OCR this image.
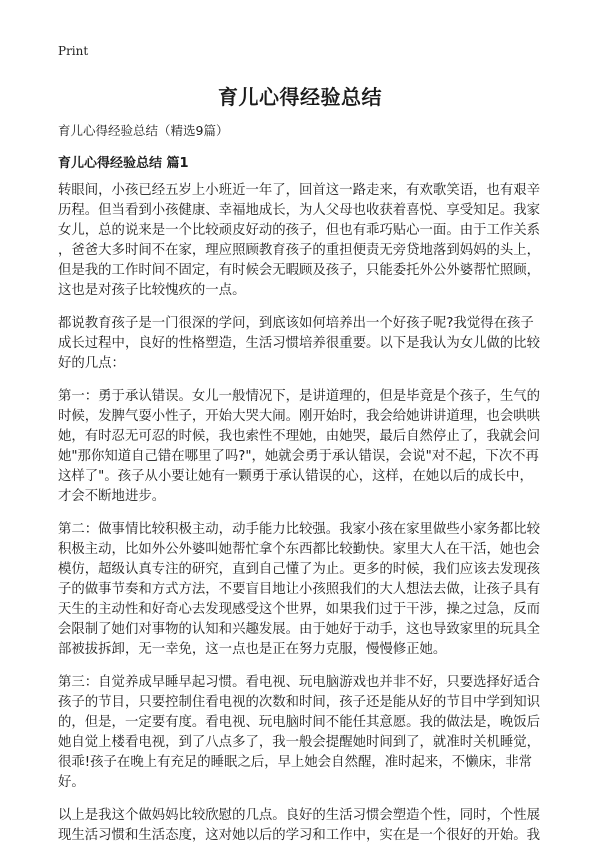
Print
育儿心得经验总结

育儿心得经验总结（精选9篇）

育儿心得经验总结 篇1

转眼间，小孩已经五岁上小班近一年了，回首这一路走来，有欢歌笑语，也有艰辛
历程。但当看到小孩健康、幸福地成长，为人父母也收获着喜悦、享受知足。我家
女儿，总的说来是一个比较顽皮好动的孩子，但也有乖巧贴心一面。由于工作关系
，爸爸大多时间不在家，理应照顾教育孩子的重担便责无旁贷地落到妈妈的头上，
但是我的工作时间不固定，有时候会无暇顾及孩子，只能委托外公外婆帮忙照顾，
这也是对孩子比较愧疚的一点。

都说教育孩子是一门很深的学问，到底该如何培养出一个好孩子呢?我觉得在孩子
成长过程中，良好的性格塑造，生活习惯培养很重要。以下是我认为女儿做的比较
好的几点：

第一：勇于承认错误。女儿一般情况下，是讲道理的，但是毕竟是个孩子，生气的
时候，发脾气耍小性子，开始大哭大闹。刚开始时，我会给她讲讲道理，也会哄哄
她，有时忍无可忍的时候，我也索性不理她，由她哭，最后自然停止了，我就会问
她"那你知道自己错在哪里了吗?"，她就会勇于承认错误，会说"对不起，下次不再
这样了"。孩子从小要让她有一颗勇于承认错误的心，这样，在她以后的成长中，
才会不断地进步。

第二：做事情比较积极主动，动手能力比较强。我家小孩在家里做些小家务都比较
积极主动，比如外公外婆叫她帮忙拿个东西都比较勤快。家里大人在干活，她也会
模仿，超级认真专注的研究，直到自己懂了为止。更多的时候，我们应该去发现孩
子的做事节奏和方式方法，不要盲目地让小孩照我们的大人想法去做，让孩子具有
天生的主动性和好奇心去发现感受这个世界，如果我们过于干涉，操之过急，反而
会限制了她们对事物的认知和兴趣发展。由于她好于动手，这也导致家里的玩具全
部被拔拆卸，无一幸免，这一点也是正在努力克服，慢慢修正她。

第三：自觉养成早睡早起习惯。看电视、玩电脑游戏也并非不好，只要选择好适合
孩子的节目，只要控制住看电视的次数和时间，孩子还是能从好的节目中学到知识
的，但是，一定要有度。看电视、玩电脑时间不能任其意愿。我的做法是，晚饭后
她自觉上楼看电视，到了八点多了，我一般会提醒她时间到了，就准时关机睡觉，
很乖!孩子在晚上有充足的睡眠之后，早上她会自然醒，准时起来，不懒床，非常
好。

以上是我这个做妈妈比较欣慰的几点。良好的生活习惯会塑造个性，同时，个性展
现生活习惯和生活态度，这对她以后的学习和工作中，实在是一个很好的开始。我
